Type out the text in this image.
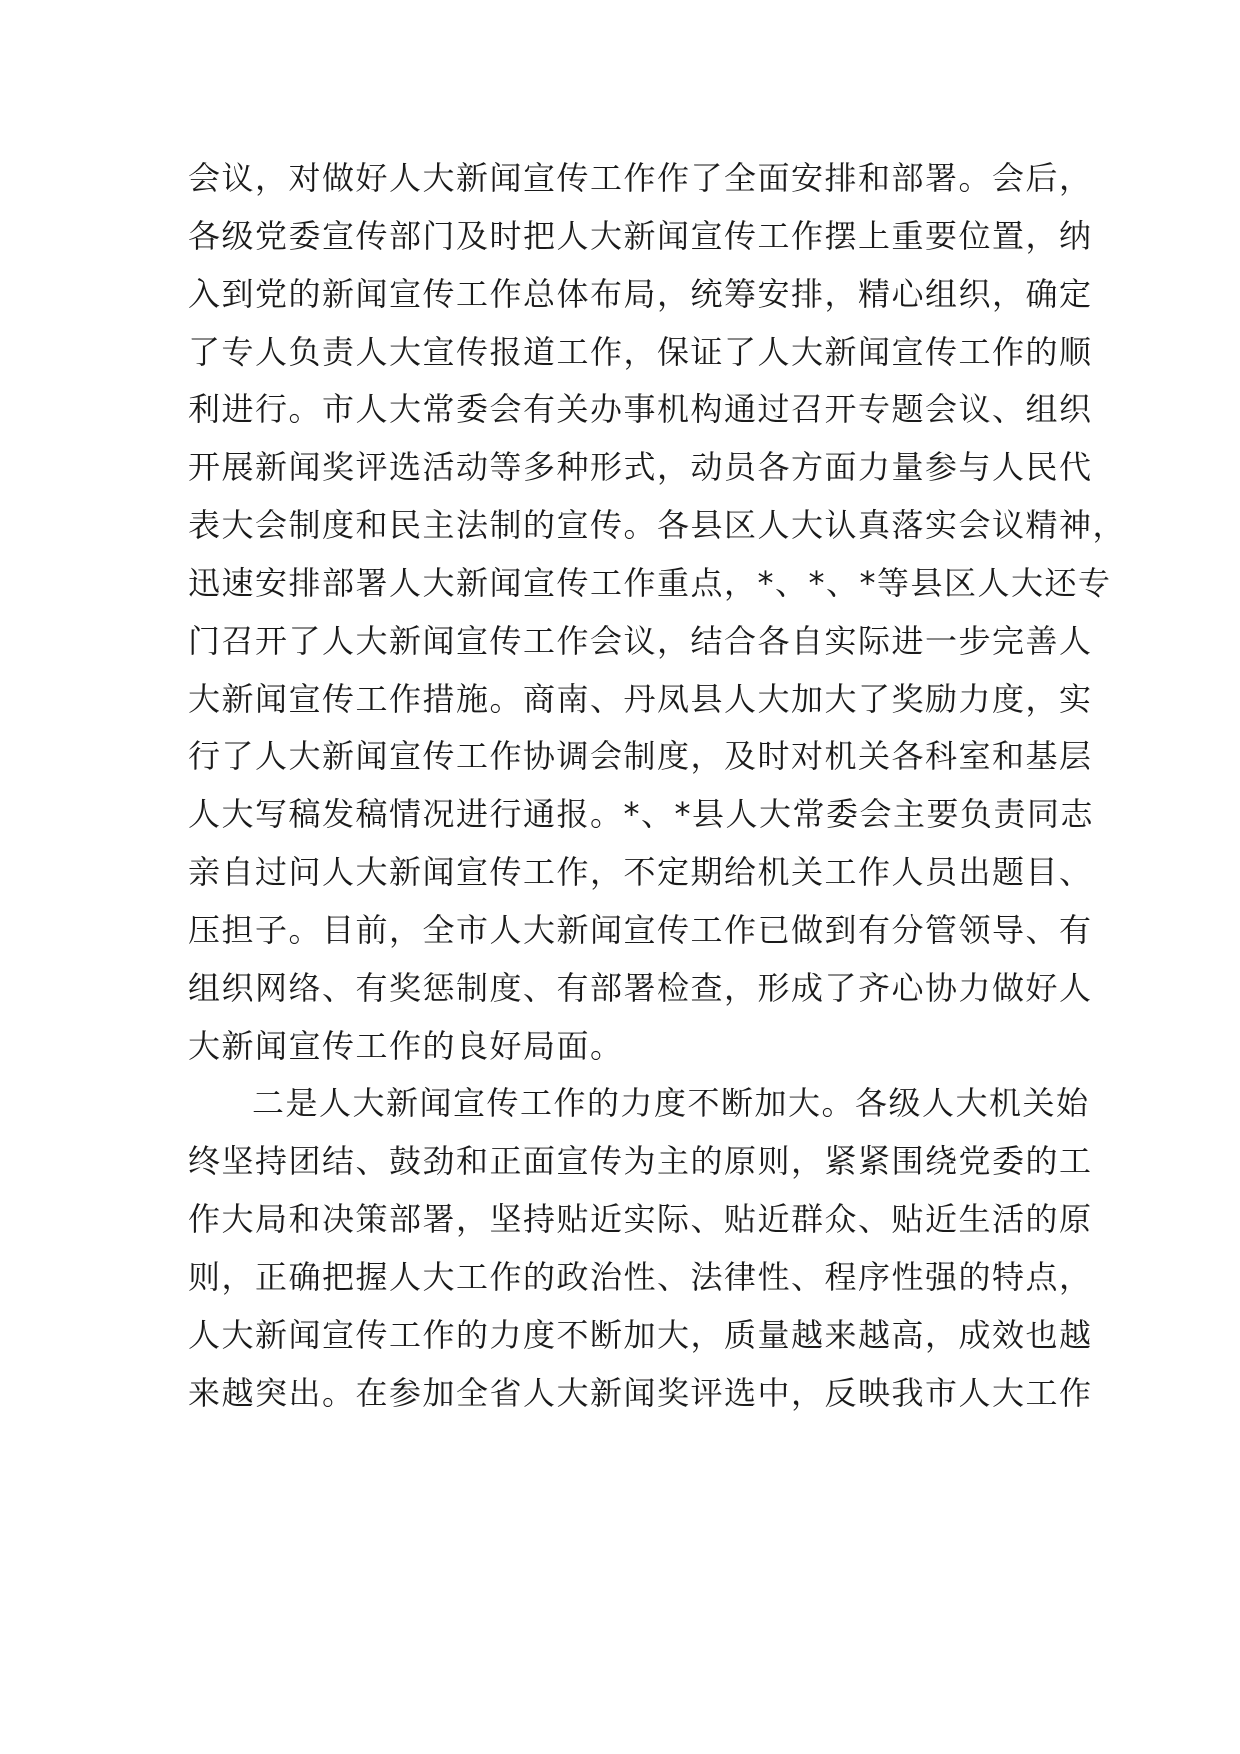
会议，对做好人大新闻宣传工作作了全面安排和部署。会后，
各级党委宣传部门及时把人大新闻宣传工作摆上重要位置，纳
入到党的新闻宣传工作总体布局，统筹安排，精心组织，确定
了专人负责人大宣传报道工作，保证了人大新闻宣传工作的顺
利进行。市人大常委会有关办事机构通过召开专题会议、组织
开展新闻奖评选活动等多种形式，动员各方面力量参与人民代
表大会制度和民主法制的宣传。各县区人大认真落实会议精神，
迅速安排部署人大新闻宣传工作重点，*、*、*等县区人大还专
门召开了人大新闻宣传工作会议，结合各自实际进一步完善人
大新闻宣传工作措施。商南、丹凤县人大加大了奖励力度，实
行了人大新闻宣传工作协调会制度，及时对机关各科室和基层
人大写稿发稿情况进行通报。*、*县人大常委会主要负责同志
亲自过问人大新闻宣传工作，不定期给机关工作人员出题目、
压担子。目前，全市人大新闻宣传工作已做到有分管领导、有
组织网络、有奖惩制度、有部署检查，形成了齐心协力做好人
大新闻宣传工作的良好局面。
二是人大新闻宣传工作的力度不断加大。各级人大机关始
终坚持团结、鼓劲和正面宣传为主的原则，紧紧围绕党委的工
作大局和决策部署，坚持贴近实际、贴近群众、贴近生活的原
则，正确把握人大工作的政治性、法律性、程序性强的特点，
人大新闻宣传工作的力度不断加大，质量越来越高，成效也越
来越突出。在参加全省人大新闻奖评选中，反映我市人大工作
